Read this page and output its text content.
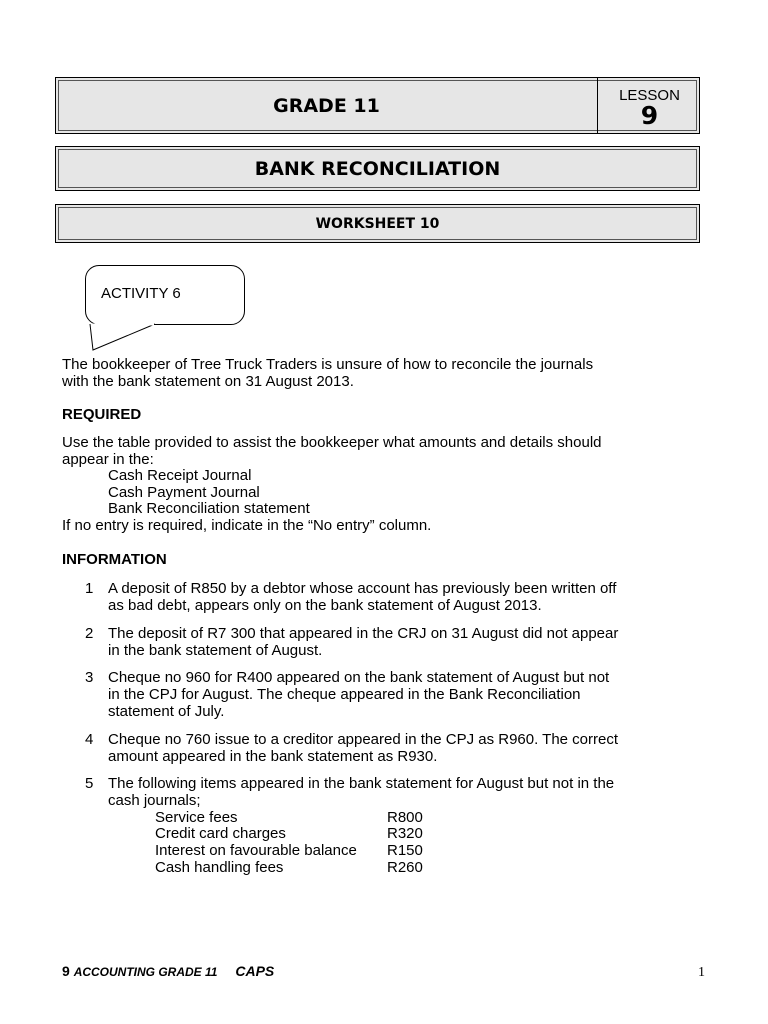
GRADE 11	LESSON
9
BANK RECONCILIATION
WORKSHEET 10
ACTIVITY 6

The bookkeeper of Tree Truck Traders is unsure of how to reconcile the journals

with the bank statement on 31 August 2013.

REQUIRED

Use the table provided to assist the bookkeeper what amounts and details should

appear in the:

Cash Receipt Journal

Cash Payment Journal

Bank Reconciliation statement

If no entry is required, indicate in the “No entry” column.

INFORMATION

1 A deposit of R850 by a debtor whose account has previously been written off
as bad debt, appears only on the bank statement of August 2013.
2 The deposit of R7 300 that appeared in the CRJ on 31 August did not appear
in the bank statement of August.
3 Cheque no 960 for R400 appeared on the bank statement of August but not
in the CPJ for August. The cheque appeared in the Bank Reconciliation
statement of July.
4 Cheque no 760 issue to a creditor appeared in the CPJ as R960. The correct
amount appeared in the bank statement as R930.
5 The following items appeared in the bank statement for August but not in the
cash journals;

Service fees	R800

Credit card charges	R320

Interest on favourable balance R150

Cash handling fees	R260
9 ACCOUNTING GRADE 11 CAPS	1
